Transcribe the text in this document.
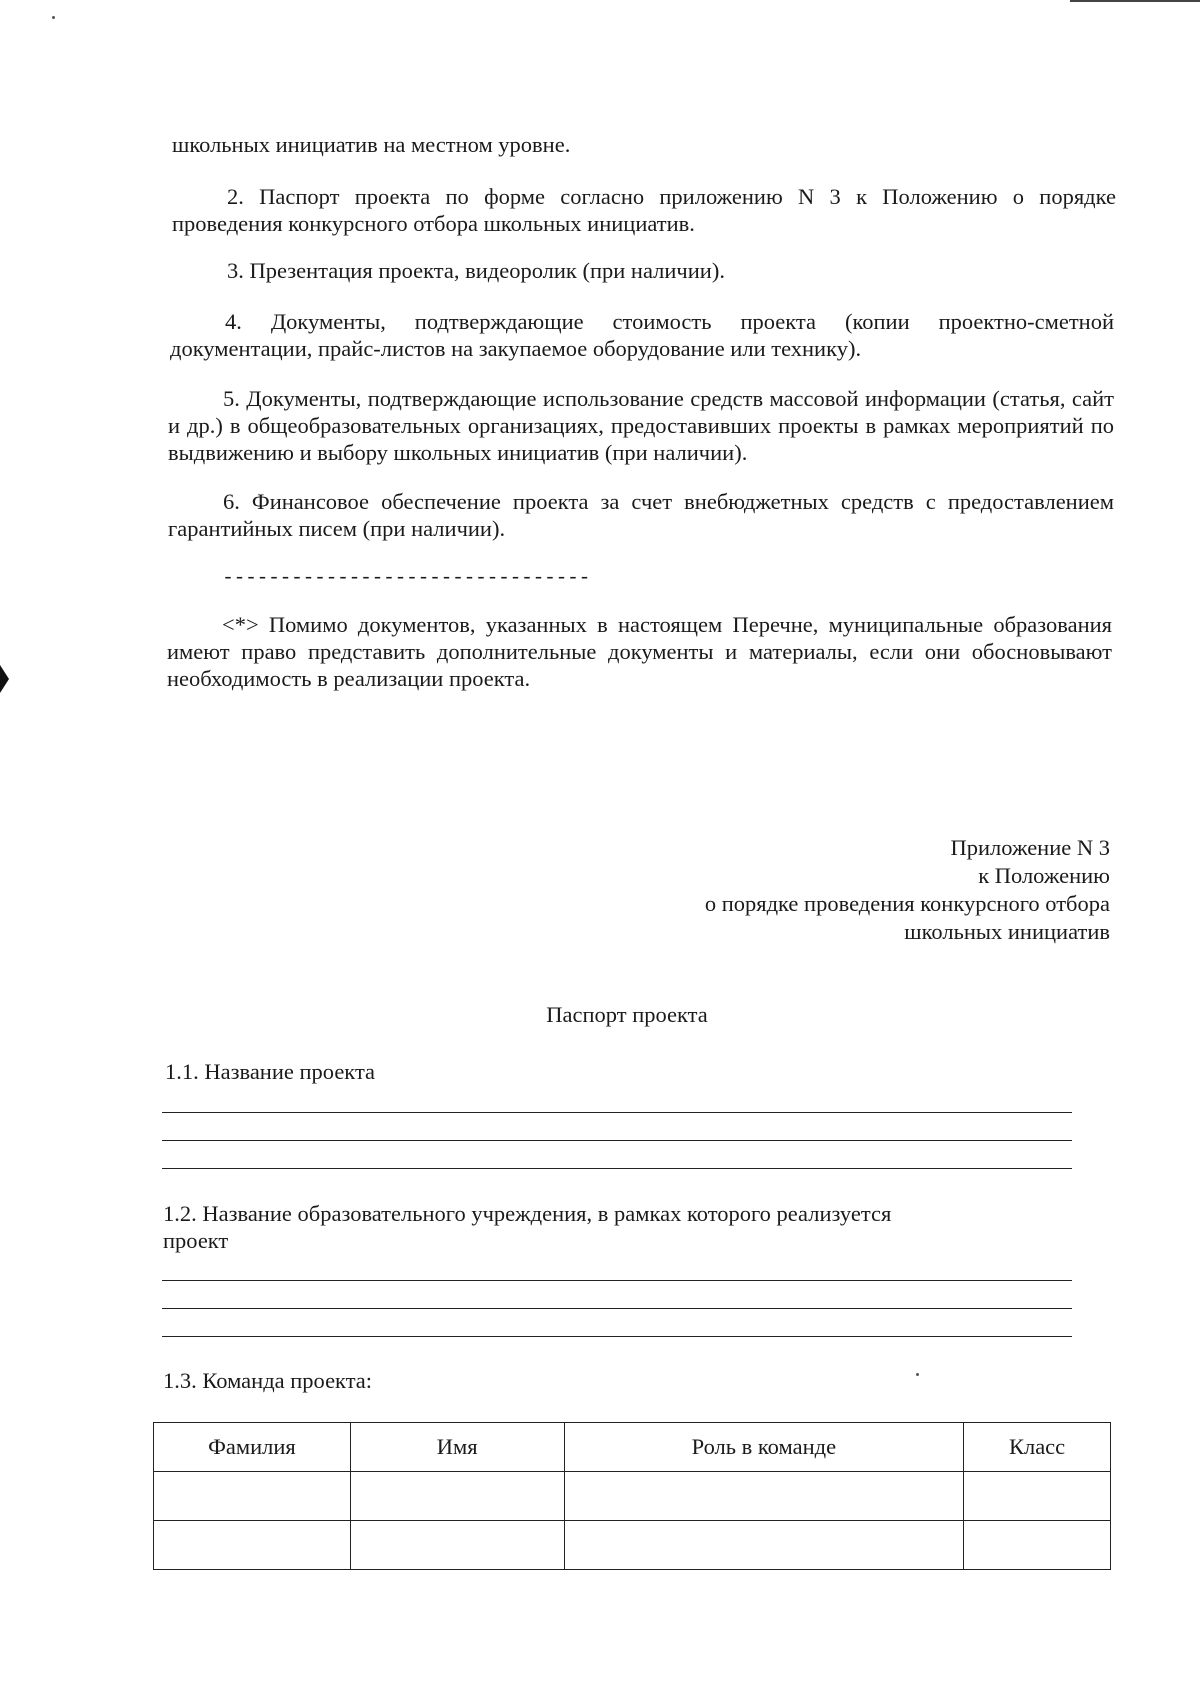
школьных инициатив на местном уровне.

2. Паспорт проекта по форме согласно приложению N 3 к Положению о порядке проведения конкурсного отбора школьных инициатив.

3. Презентация проекта, видеоролик (при наличии).

4. Документы, подтверждающие стоимость проекта (копии проектно-сметной документации, прайс-листов на закупаемое оборудование или технику).

5. Документы, подтверждающие использование средств массовой информации (статья, сайт и др.) в общеобразовательных организациях, предоставивших проекты в рамках мероприятий по выдвижению и выбору школьных инициатив (при наличии).

6. Финансовое обеспечение проекта за счет внебюджетных средств с предоставлением гарантийных писем (при наличии).

--------------------------------

<*> Помимо документов, указанных в настоящем Перечне, муниципальные образования имеют право представить дополнительные документы и материалы, если они обосновывают необходимость в реализации проекта.

Приложение N 3
к Положению
о порядке проведения конкурсного отбора
школьных инициатив
Паспорт проекта
1.1. Название проекта
1.2. Название образовательного учреждения, в рамках которого реализуется
проект
1.3. Команда проекта:
Фамилия	Имя	Роль в команде	Класс
